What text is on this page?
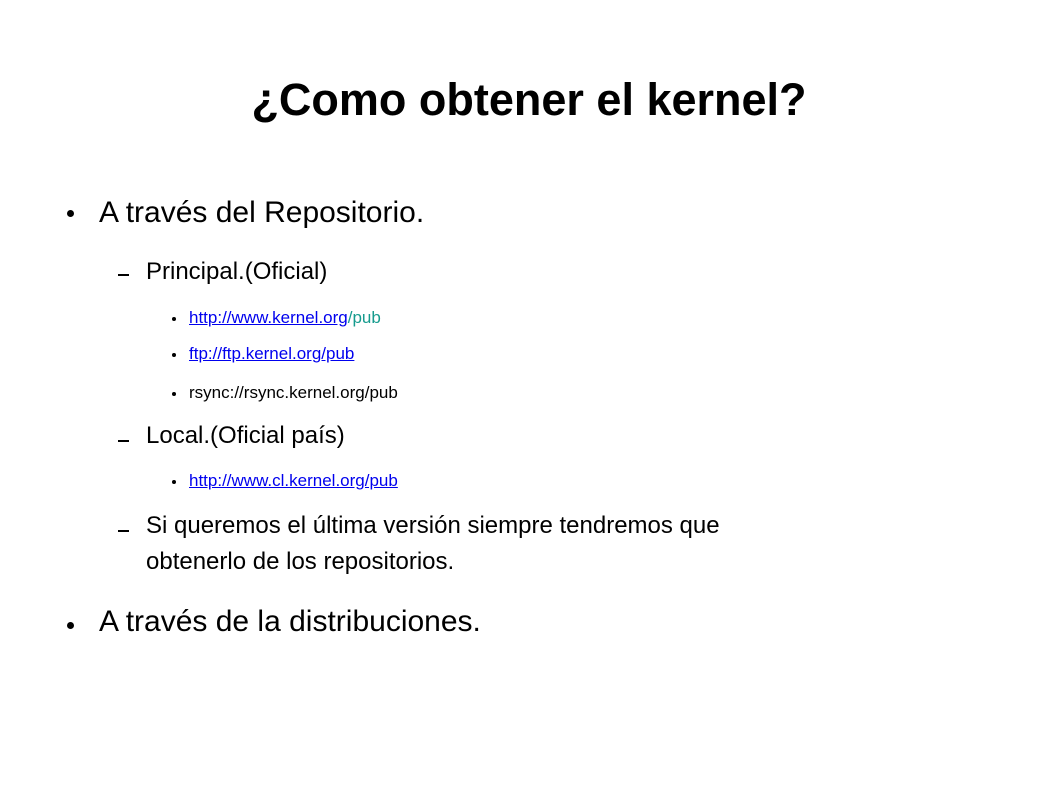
¿Como obtener el kernel?
A través del Repositorio.
Principal.(Oficial)
http://www.kernel.org/pub
ftp://ftp.kernel.org/pub
rsync://rsync.kernel.org/pub
Local.(Oficial país)
http://www.cl.kernel.org/pub
Si queremos el última versión siempre tendremos que
obtenerlo de los repositorios.
A través de la distribuciones.
